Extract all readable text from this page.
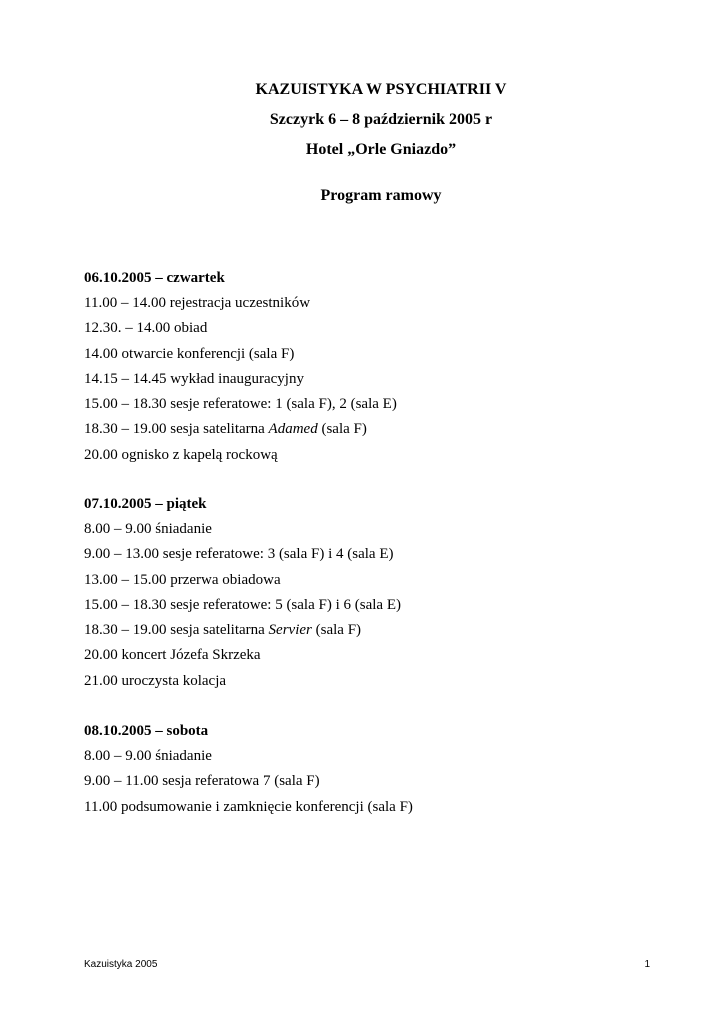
KAZUISTYKA W PSYCHIATRII V
Szczyrk 6 – 8 październik 2005 r
Hotel „Orle Gniazdo”
Program ramowy
06.10.2005 – czwartek
11.00 – 14.00 rejestracja uczestników
12.30. – 14.00 obiad
14.00 otwarcie konferencji (sala F)
14.15 – 14.45 wykład inauguracyjny
15.00 – 18.30 sesje referatowe: 1 (sala F), 2 (sala E)
18.30 – 19.00 sesja satelitarna Adamed (sala F)
20.00 ognisko z kapelą rockową
07.10.2005 – piątek
8.00 – 9.00 śniadanie
9.00 – 13.00 sesje referatowe: 3 (sala F) i 4 (sala E)
13.00 – 15.00 przerwa obiadowa
15.00 – 18.30 sesje referatowe: 5 (sala F) i 6 (sala E)
18.30 – 19.00 sesja satelitarna Servier (sala F)
20.00 koncert Józefa Skrzeka
21.00 uroczysta kolacja
08.10.2005 – sobota
8.00 – 9.00 śniadanie
9.00 – 11.00 sesja referatowa 7 (sala F)
11.00 podsumowanie i zamknięcie konferencji (sala F)
Kazuistyka 2005	1
